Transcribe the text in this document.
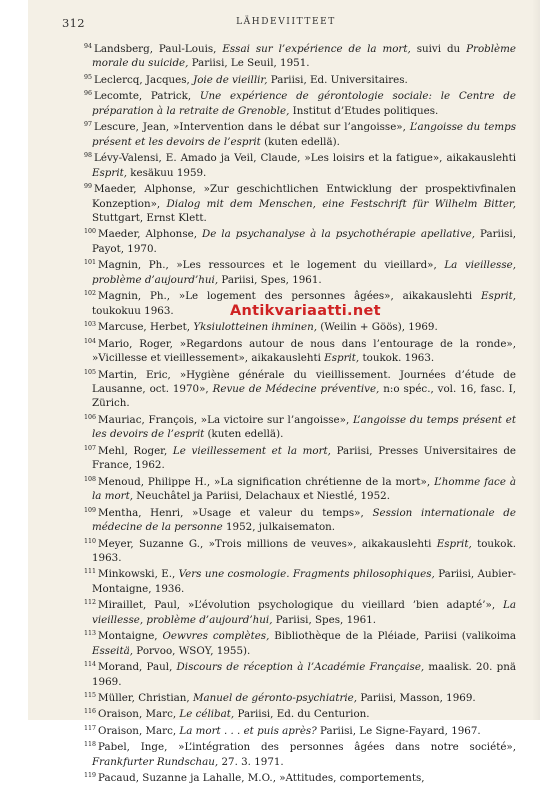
312	LÄHDEVIITTEET

$^{94}$ Landsberg, Paul-Louis, Essai sur l’expérience de la mort, suivi du Problème morale du suicide, Pariisi, Le Seuil, 1951.

$^{95}$ Leclercq, Jacques, Joie de vieillir, Pariisi, Ed. Universitaires.

$^{96}$ Lecomte, Patrick, Une expérience de gérontologie sociale: le Centre de préparation à la retraite de Grenoble, Institut d’Etudes politiques.

$^{97}$ Lescure, Jean, »Intervention dans le débat sur l’angoisse», L’angoisse du temps présent et les devoirs de l’esprit (kuten edellä).

$^{98}$ Lévy-Valensi, E. Amado ja Veil, Claude, »Les loisirs et la fatigue», aikakauslehti Esprit, kesäkuu 1959.

$^{99}$ Maeder, Alphonse, »Zur geschichtlichen Entwicklung der prospektivfinalen Konzeption», Dialog mit dem Menschen, eine Festschrift für Wilhelm Bitter, Stuttgart, Ernst Klett.

$^{100}$ Maeder, Alphonse, De la psychanalyse à la psychothérapie apellative, Pariisi, Payot, 1970.

$^{101}$ Magnin, Ph., »Les ressources et le logement du vieillard», La vieillesse, problème d’aujourd’hui, Pariisi, Spes, 1961.

$^{102}$ Magnin, Ph., »Le logement des personnes âgées», aikakauslehti Esprit, toukokuu 1963.

$^{103}$ Marcuse, Herbet, Yksiulotteinen ihminen, (Weilin + Göös), 1969.

$^{104}$ Mario, Roger, »Regardons autour de nous dans l’entourage de la ronde», »Vicillesse et vieillessement», aikakauslehti Esprit, toukok. 1963.

$^{105}$ Martin, Eric, »Hygiène générale du vieillissement. Journées d’étude de Lausanne, oct. 1970», Revue de Médecine préventive, n:o spéc., vol. 16, fasc. I, Zürich.

$^{106}$ Mauriac, François, »La victoire sur l’angoisse», L’angoisse du temps présent et les devoirs de l’esprit (kuten edellä).

$^{107}$ Mehl, Roger, Le vieillessement et la mort, Pariisi, Presses Universitaires de France, 1962.

$^{108}$ Menoud, Philippe H., »La signification chrétienne de la mort», L’homme face à la mort, Neuchâtel ja Pariisi, Delachaux et Niestlé, 1952.

$^{109}$ Mentha, Henri, »Usage et valeur du temps», Session internationale de médecine de la personne 1952, julkaisematon.

$^{110}$ Meyer, Suzanne G., »Trois millions de veuves», aikakauslehti Esprit, toukok. 1963.

$^{111}$ Minkowski, E., Vers une cosmologie. Fragments philosophiques, Pariisi, Aubier-Montaigne, 1936.

$^{112}$ Miraillet, Paul, »L’évolution psychologique du vieillard ’bien adapté’», La vieillesse, problème d’aujourd’hui, Pariisi, Spes, 1961.

$^{113}$ Montaigne, Oewvres complètes, Bibliothèque de la Pléiade, Pariisi (valikoima Esseitä, Porvoo, WSOY, 1955).

$^{114}$ Morand, Paul, Discours de réception à l’Académie Française, maalisk. 20. pnä 1969.

$^{115}$ Müller, Christian, Manuel de géronto-psychiatrie, Pariisi, Masson, 1969.

$^{116}$ Oraison, Marc, Le célibat, Pariisi, Ed. du Centurion.

$^{117}$ Oraison, Marc, La mort . . . et puis après? Pariisi, Le Signe-Fayard, 1967.

$^{118}$ Pabel, Inge, »L’intégration des personnes âgées dans notre société», Frankfurter Rundschau, 27. 3. 1971.

$^{119}$ Pacaud, Suzanne ja Lahalle, M.O., »Attitudes, comportements,

Antikvariaatti.net
